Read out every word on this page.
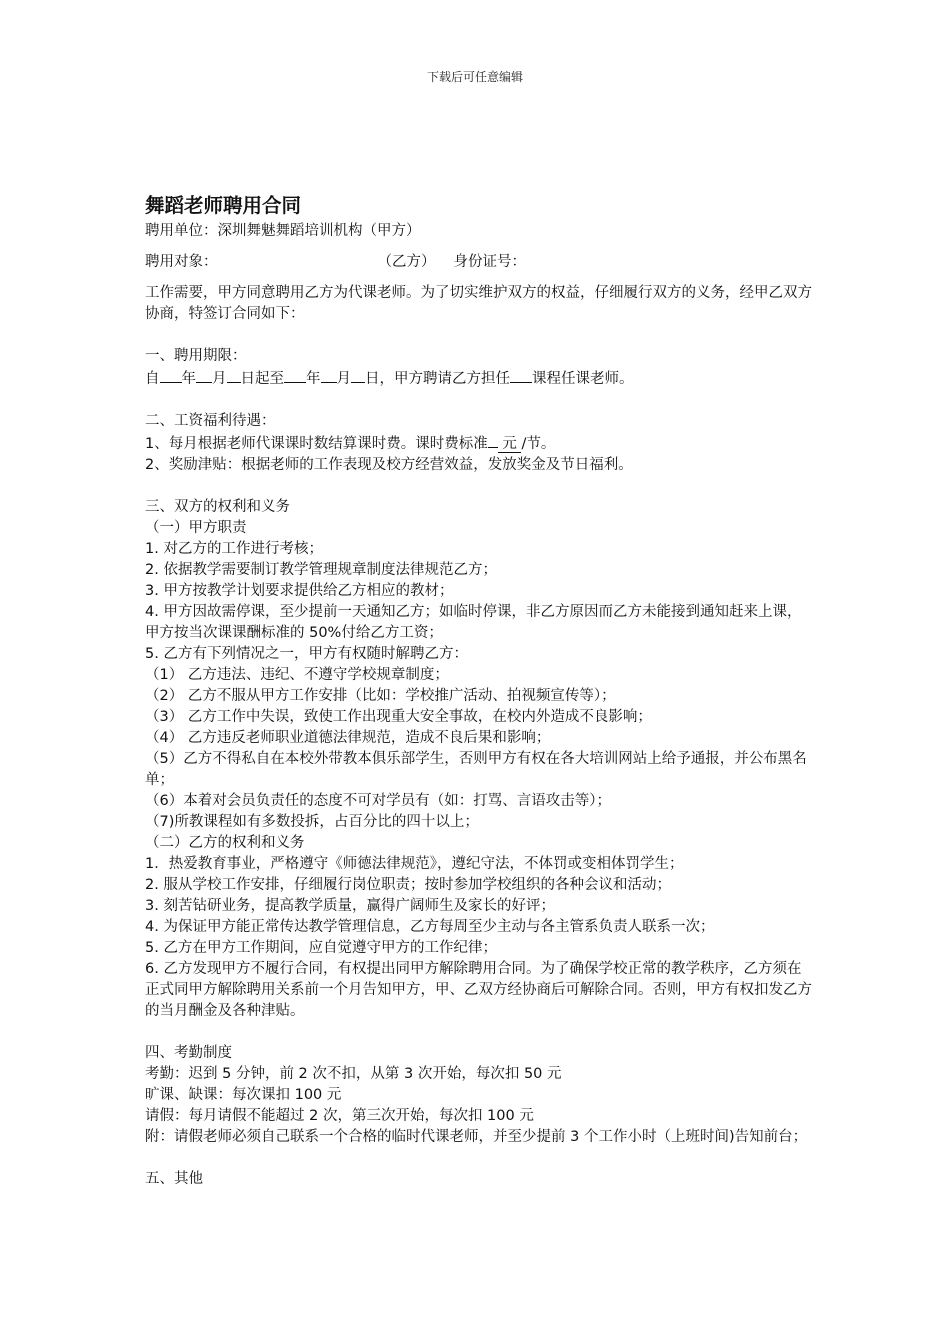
下载后可任意编辑

舞蹈老师聘用合同

聘用单位：深圳舞魅舞蹈培训机构（甲方）

聘用对象：	（乙方） 身份证号：

工作需要，甲方同意聘用乙方为代课老师。为了切实维护双方的权益，仔细履行双方的义务，经甲乙双方协商，特签订合同如下：

一、聘用期限：

自 年 月 日起至 年 月 日，甲方聘请乙方担任 课程任课老师。

二、工资福利待遇：

1、每月根据老师代课课时数结算课时费。课时费标准 元 /节。

2、奖励津贴：根据老师的工作表现及校方经营效益，发放奖金及节日福利。

三、双方的权利和义务

（一）甲方职责

1. 对乙方的工作进行考核；

2. 依据教学需要制订教学管理规章制度法律规范乙方；

3. 甲方按教学计划要求提供给乙方相应的教材；

4. 甲方因故需停课，至少提前一天通知乙方；如临时停课，非乙方原因而乙方未能接到通知赶来上课，甲方按当次课课酬标准的 50%付给乙方工资；

5. 乙方有下列情况之一，甲方有权随时解聘乙方：

（1） 乙方违法、违纪、不遵守学校规章制度；

（2） 乙方不服从甲方工作安排（比如：学校推广活动、拍视频宣传等）；

（3） 乙方工作中失误，致使工作出现重大安全事故，在校内外造成不良影响；

（4） 乙方违反老师职业道德法律规范，造成不良后果和影响；

（5）乙方不得私自在本校外带教本俱乐部学生，否则甲方有权在各大培训网站上给予通报，并公布黑名单；

（6）本着对会员负责任的态度不可对学员有（如：打骂、言语攻击等）；

（7)所教课程如有多数投拆，占百分比的四十以上；

（二）乙方的权利和义务

1．热爱教育事业，严格遵守《师德法律规范》，遵纪守法，不体罚或变相体罚学生；

2. 服从学校工作安排，仔细履行岗位职责；按时参加学校组织的各种会议和活动；

3. 刻苦钻研业务，提高教学质量，赢得广阔师生及家长的好评；

4. 为保证甲方能正常传达教学管理信息，乙方每周至少主动与各主管系负责人联系一次；

5. 乙方在甲方工作期间，应自觉遵守甲方的工作纪律；

6. 乙方发现甲方不履行合同，有权提出同甲方解除聘用合同。为了确保学校正常的教学秩序，乙方须在正式同甲方解除聘用关系前一个月告知甲方，甲、乙双方经协商后可解除合同。否则，甲方有权扣发乙方的当月酬金及各种津贴。

四、考勤制度

考勤：迟到 5 分钟，前 2 次不扣，从第 3 次开始，每次扣 50 元

旷课、缺课：每次课扣 100 元

请假：每月请假不能超过 2 次，第三次开始，每次扣 100 元

附：请假老师必须自己联系一个合格的临时代课老师，并至少提前 3 个工作小时（上班时间)告知前台；

五、其他
